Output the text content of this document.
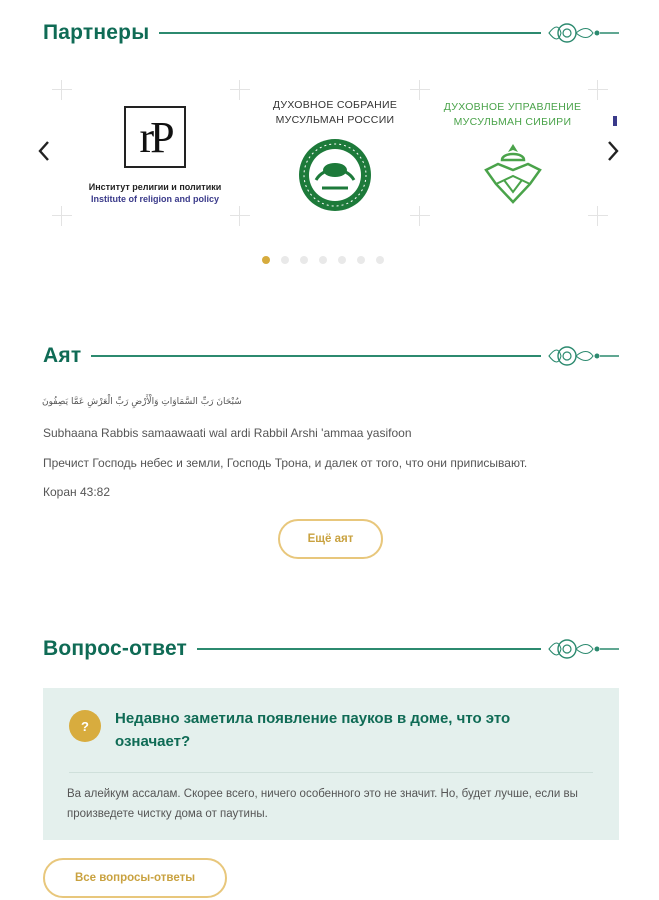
Партнеры
rP
Институт религии и политики
Institute of religion and policy
ДУХОВНОЕ СОБРАНИЕ
МУСУЛЬМАН РОССИИ
ДУХОВНОЕ УПРАВЛЕНИЕ
МУСУЛЬМАН СИБИРИ
Аят
سُبْحَانَ رَبِّ السَّمَاوَاتِ وَالْأَرْضِ رَبِّ الْعَرْشِ عَمَّا يَصِفُونَ
Subhaana Rabbis samaawaati wal ardi Rabbil Arshi 'ammaa yasifoon
Пречист Господь небес и земли, Господь Трона, и далек от того, что они приписывают.
Коран 43:82
Ещё аят
Вопрос-ответ
?	Недавно заметила появление пауков в доме, что это означает?
Ва алейкум ассалам. Скорее всего, ничего особенного это не значит. Но, будет лучше, если вы произведете чистку дома от паутины.
Все вопросы-ответы
